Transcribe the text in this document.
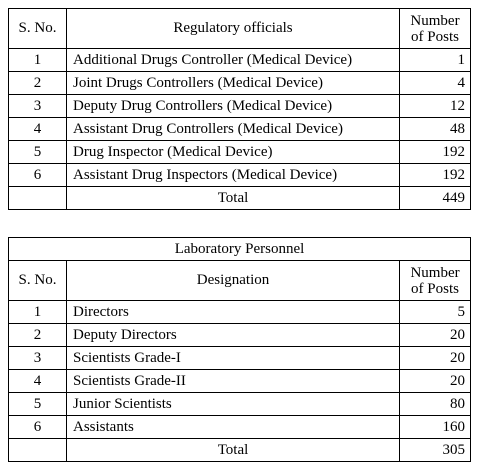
S. No.	Regulatory officials	Number
of Posts
1	Additional Drugs Controller (Medical Device)	1
2	Joint Drugs Controllers (Medical Device)	4
3	Deputy Drug Controllers (Medical Device)	12
4	Assistant Drug Controllers (Medical Device)	48
5	Drug Inspector (Medical Device)	192
6	Assistant Drug Inspectors (Medical Device)	192
	Total	449
Laboratory Personnel		
S. No.	Designation	Number
of Posts
1	Directors	5
2	Deputy Directors	20
3	Scientists Grade-I	20
4	Scientists Grade-II	20
5	Junior Scientists	80
6	Assistants	160
	Total	305
